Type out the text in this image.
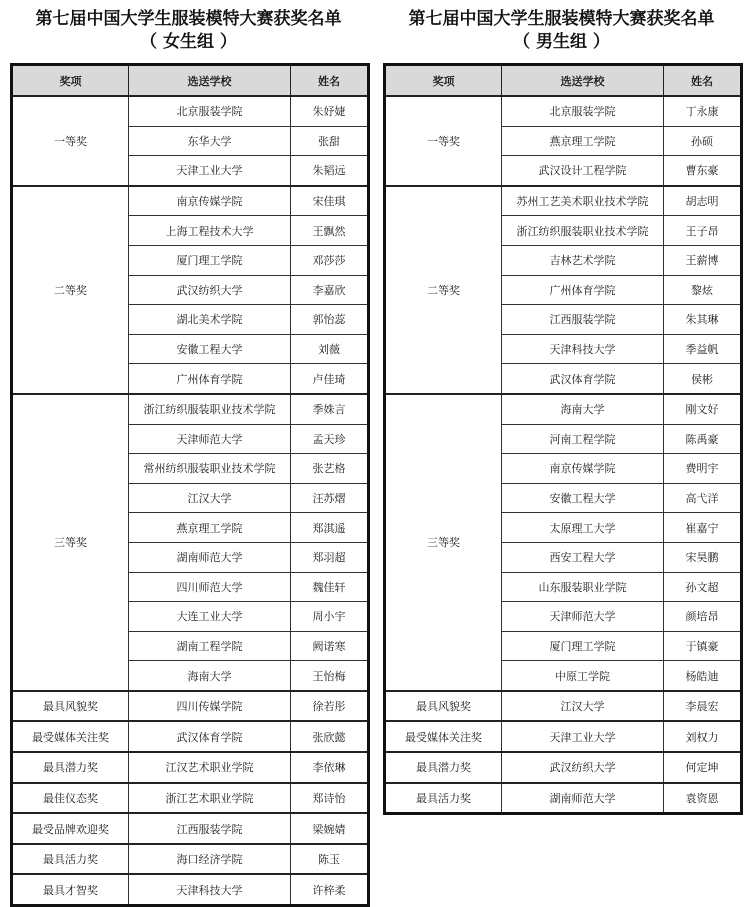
第七届中国大学生服装模特大赛获奖名单
（ 女生组 ）
奖项	选送学校	姓名
一等奖	北京服装学院	朱妤婕
	东华大学	张甜
	天津工业大学	朱韬远
二等奖	南京传媒学院	宋佳琪
	上海工程技术大学	王飘然
	厦门理工学院	邓莎莎
	武汉纺织大学	李嘉欣
	湖北美术学院	郭怡蕊
	安徽工程大学	刘薇
	广州体育学院	卢佳琦
三等奖	浙江纺织服装职业技术学院	季姝言
	天津师范大学	孟天珍
	常州纺织服装职业技术学院	张艺格
	江汉大学	汪苏熠
	燕京理工学院	郑淇遥
	湖南师范大学	郑羽超
	四川师范大学	魏佳轩
	大连工业大学	周小宇
	湖南工程学院	阙诺寒
	海南大学	王怡梅
最具风貌奖	四川传媒学院	徐若彤
最受媒体关注奖	武汉体育学院	张欣懿
最具潜力奖	江汉艺术职业学院	李依琳
最佳仪态奖	浙江艺术职业学院	郑诗怡
最受品牌欢迎奖	江西服装学院	梁婉婧
最具活力奖	海口经济学院	陈玉
最具才智奖	天津科技大学	许梓柔
第七届中国大学生服装模特大赛获奖名单
（ 男生组 ）
奖项	选送学校	姓名
一等奖	北京服装学院	丁永康
	燕京理工学院	孙硕
	武汉设计工程学院	曹东豪
二等奖	苏州工艺美术职业技术学院	胡志明
	浙江纺织服装职业技术学院	王子昂
	吉林艺术学院	王薪博
	广州体育学院	黎炫
	江西服装学院	朱其琳
	天津科技大学	季益帆
	武汉体育学院	侯彬
三等奖	海南大学	刚文好
	河南工程学院	陈禹豪
	南京传媒学院	费明宇
	安徽工程大学	高弋洋
	太原理工大学	崔嘉宁
	西安工程大学	宋昊鹏
	山东服装职业学院	孙文超
	天津师范大学	颜培昂
	厦门理工学院	于镇豪
	中原工学院	杨皓迪
最具风貌奖	江汉大学	李晨宏
最受媒体关注奖	天津工业大学	刘权力
最具潜力奖	武汉纺织大学	何定坤
最具活力奖	湖南师范大学	袁资恩
